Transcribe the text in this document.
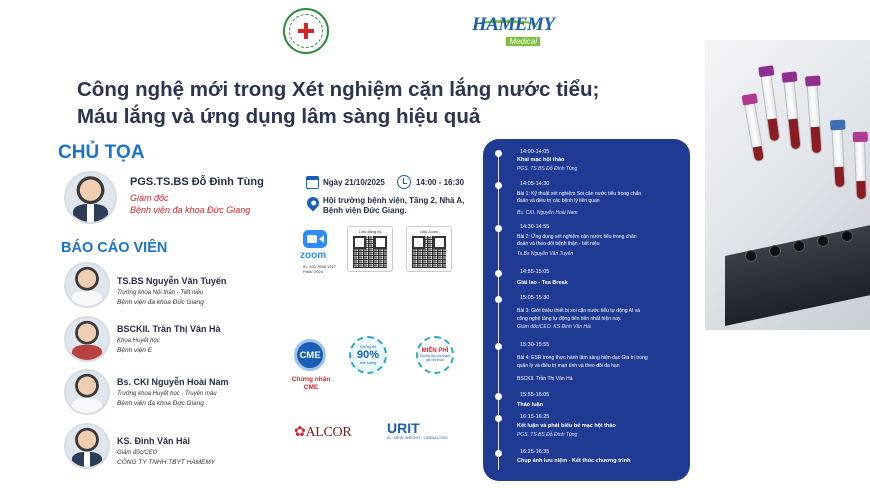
HAMEMY
Medical
Công nghệ mới trong Xét nghiệm cặn lắng nước tiểu;
Máu lắng và ứng dụng lâm sàng hiệu quả
CHỦ TỌA
PGS.TS.BS Đỗ Đình Tùng
Giám đốc
Bệnh viện đa khoa Đức Giang
BÁO CÁO VIÊN
TS.BS Nguyễn Văn Tuyến
Trưởng khoa Nội thận - Tiết niệu
Bệnh viện đa khoa Đức Giang
BSCKII. Trần Thị Vân Hà
Khoa Huyết học
Bệnh viện E
Bs. CKI Nguyễn Hoài Nam
Trưởng khoa Huyết học - Truyền máu
Bệnh viện đa khoa Đức Giang
KS. Đinh Văn Hải
Giám đốc/CEO
CÔNG TY TNHH TBYT HAMEMY
Ngày 21/10/2025	14:00 - 16:30
Hội trường bệnh viện, Tầng 2, Nhà A,
Bệnh viện Đức Giang.
zoom
ID: 533 7658 1917
Pass: 2024
Link đăng ký	Link Zoom
CME
Chứng nhận
CME
Chứng chỉ
90%
thời lượng
MIỄN PHÍ
Không thu phí tham gia hội thảo
✿ALCOR	URIT
Ai · NEW INSIGHT · URINALYSIS
14:00-14:05
Khai mạc hội thảo
PGS. TS.BS Đỗ Đình Tùng
14:05-14:30
Bài 1: Kỹ thuật xét nghiệm Soi cặn nước tiểu trong chẩn
đoán và điều trị các bệnh lý liên quan
Bs. CKI. Nguyễn Hoài Nam
14:30-14:55
Bài 2: Ứng dụng xét nghiệm cặn nước tiểu trong chẩn
đoán và theo dõi bệnh thận - tiết niệu
Ts.Bs Nguyễn Văn Tuyến
14:55-15:05
Giải lao - Tea Break
15:05-15:30
Bài 3: Giới thiệu thiết bị soi cặn nước tiểu tự động AI và
công nghệ tầng tự động tiên tiến nhất hiện nay.
Giám đốc/CEO. KS Đinh Văn Hải
15:30-15:55
Bài 4: ESR trong thực hành lâm sàng hiện đại: Giá trị trong
quản lý và điều trị mạn tính và theo dõi đa hạn
BSCKII. Trần Thị Vân Hà
15:55-16:05
Thảo luận
16:15-16:25
Kết luận và phát biểu bế mạc hội thảo
PGS. TS.BS Đỗ Đình Tùng
16:25-16:35
Chụp ảnh lưu niệm - Kết thúc chương trình
